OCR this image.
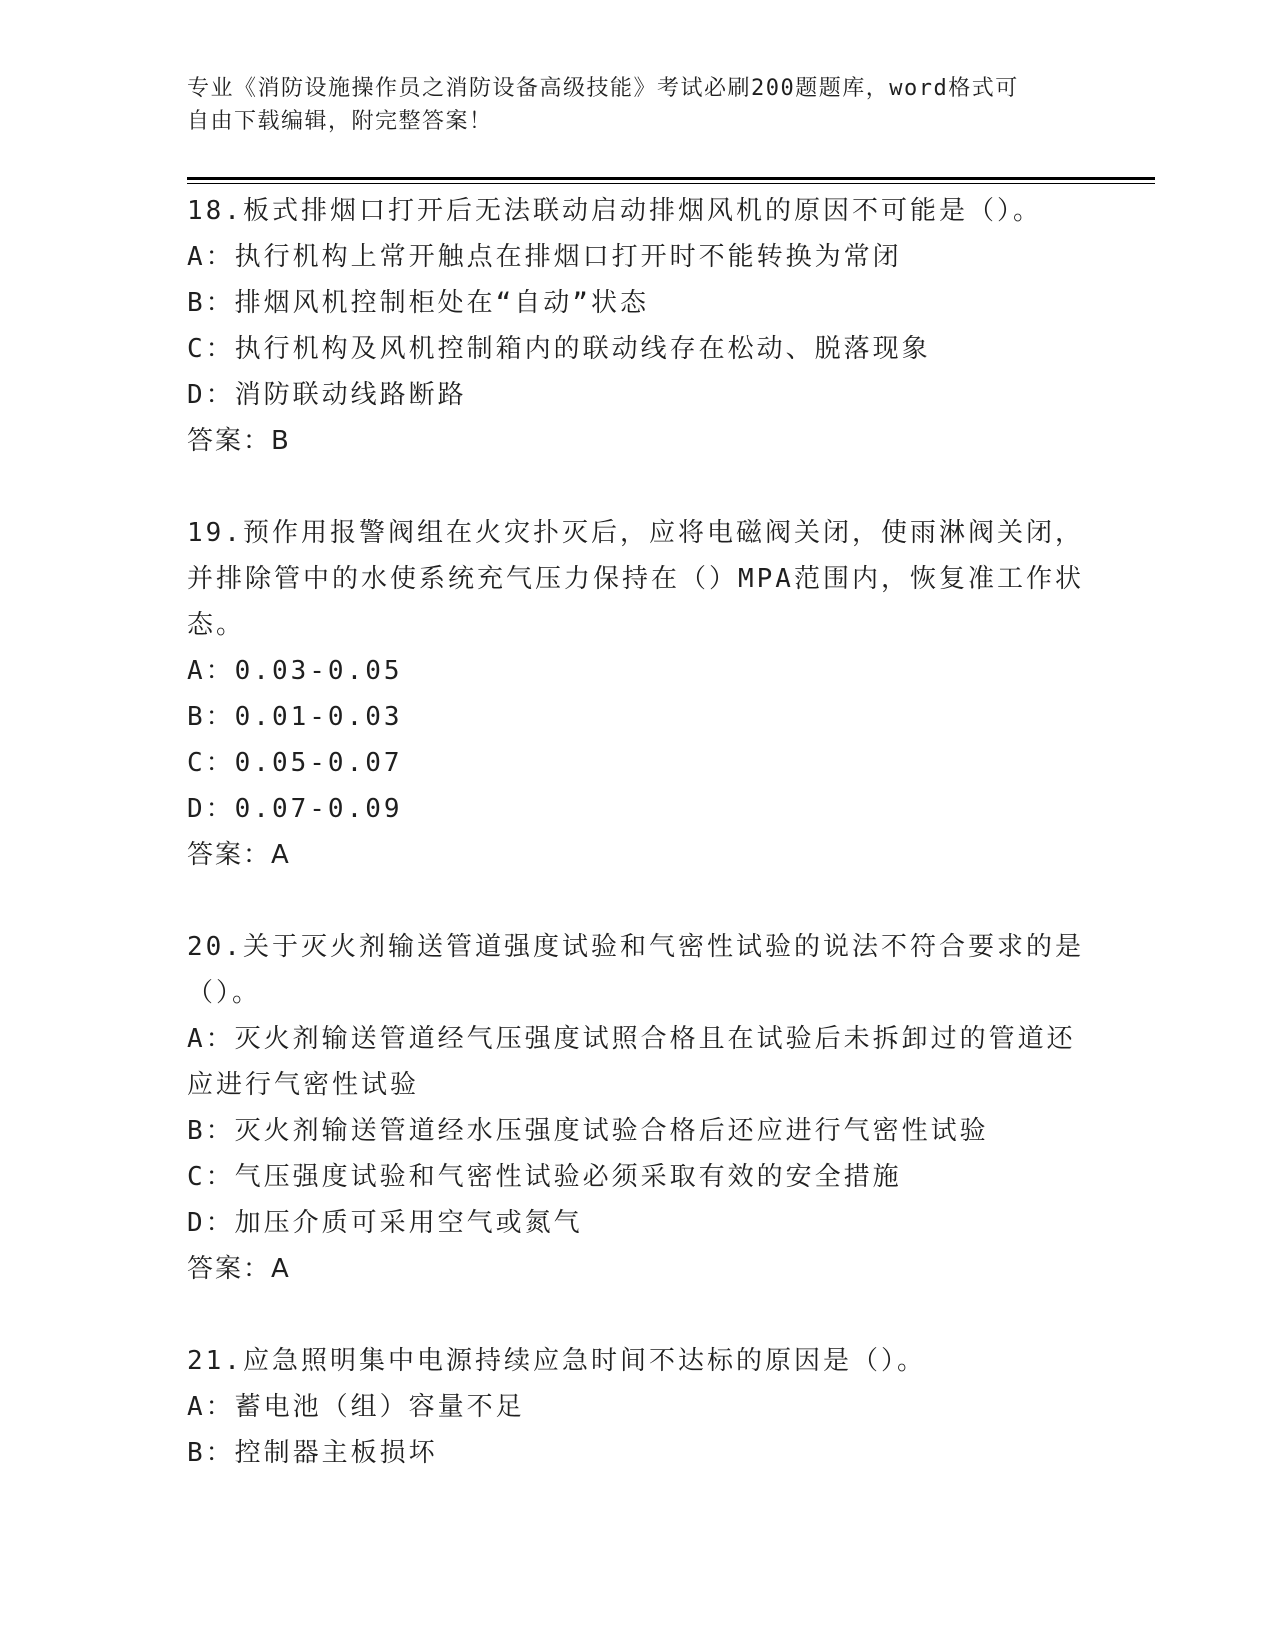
专业《消防设施操作员之消防设备高级技能》考试必刷200题题库，word格式可
自由下载编辑，附完整答案！
18.板式排烟口打开后无法联动启动排烟风机的原因不可能是（）。
A：执行机构上常开触点在排烟口打开时不能转换为常闭
B：排烟风机控制柜处在“自动”状态
C：执行机构及风机控制箱内的联动线存在松动、脱落现象
D：消防联动线路断路
答案：B
19.预作用报警阀组在火灾扑灭后，应将电磁阀关闭，使雨淋阀关闭，并排除管中的水使系统充气压力保持在（）MPA范围内，恢复准工作状态。
A：0.03-0.05
B：0.01-0.03
C：0.05-0.07
D：0.07-0.09
答案：A
20.关于灭火剂输送管道强度试验和气密性试验的说法不符合要求的是（）。
A：灭火剂输送管道经气压强度试照合格且在试验后未拆卸过的管道还应进行气密性试验
B：灭火剂输送管道经水压强度试验合格后还应进行气密性试验
C：气压强度试验和气密性试验必须采取有效的安全措施
D：加压介质可采用空气或氮气
答案：A
21.应急照明集中电源持续应急时间不达标的原因是（）。
A：蓄电池（组）容量不足
B：控制器主板损坏
